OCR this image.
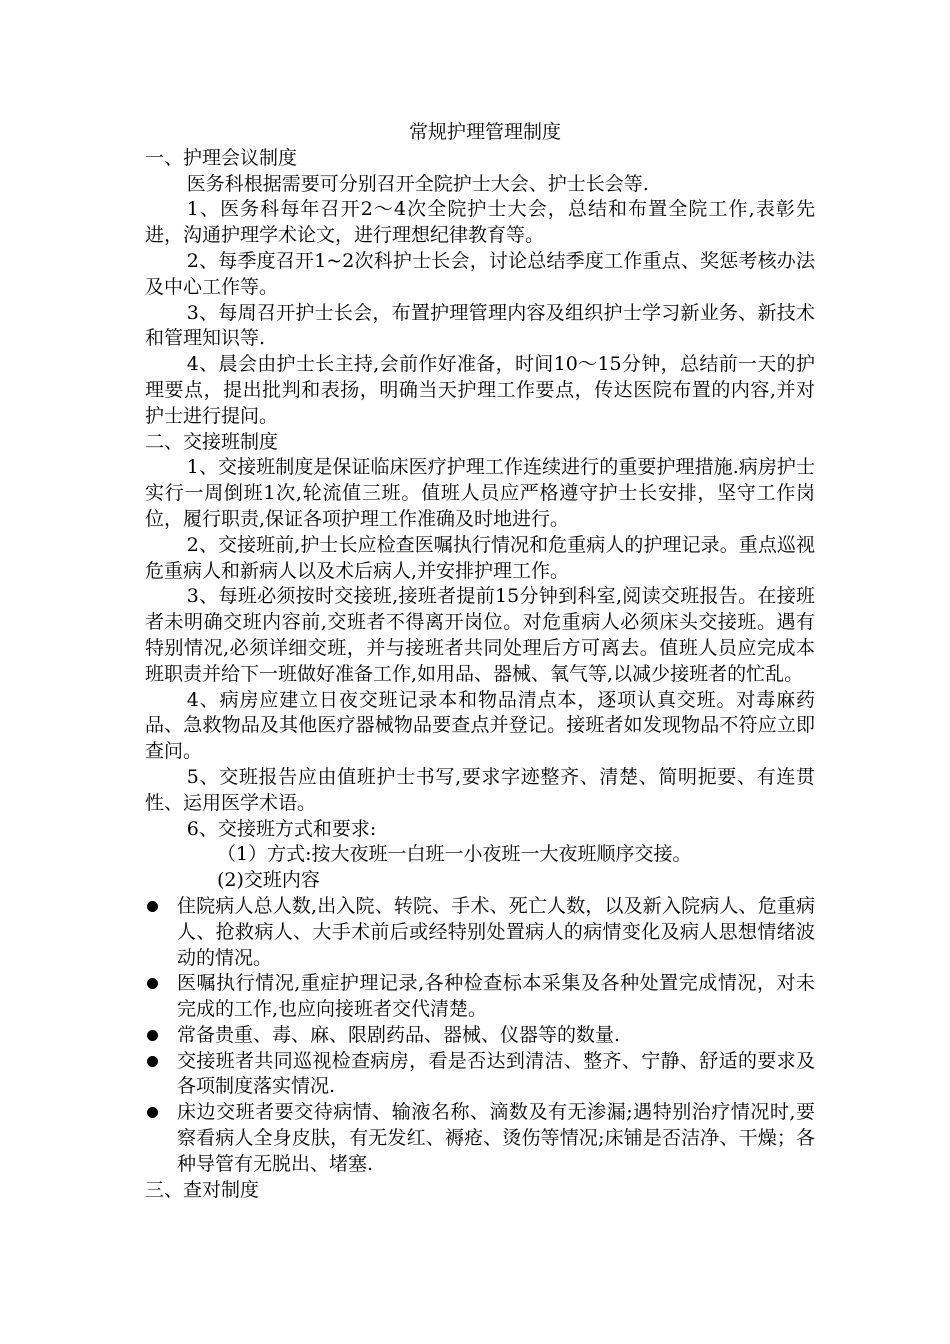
常规护理管理制度
一、护理会议制度

医务科根据需要可分别召开全院护士大会、护士长会等.

1、医务科每年召开2～4次全院护士大会，总结和布置全院工作,表彰先进，沟通护理学术论文，进行理想纪律教育等。

2、每季度召开1~2次科护士长会，讨论总结季度工作重点、奖惩考核办法及中心工作等。

3、每周召开护士长会，布置护理管理内容及组织护士学习新业务、新技术和管理知识等.

4、晨会由护士长主持,会前作好准备，时间10～15分钟，总结前一天的护理要点，提出批判和表扬，明确当天护理工作要点，传达医院布置的内容,并对护士进行提问。

二、交接班制度

1、交接班制度是保证临床医疗护理工作连续进行的重要护理措施.病房护士实行一周倒班1次,轮流值三班。值班人员应严格遵守护士长安排，坚守工作岗位，履行职责,保证各项护理工作准确及时地进行。

2、交接班前,护士长应检查医嘱执行情况和危重病人的护理记录。重点巡视危重病人和新病人以及术后病人,并安排护理工作。

3、每班必须按时交接班,接班者提前15分钟到科室,阅读交班报告。在接班者未明确交班内容前,交班者不得离开岗位。对危重病人必须床头交接班。遇有特别情况,必须详细交班，并与接班者共同处理后方可离去。值班人员应完成本班职责并给下一班做好准备工作,如用品、器械、氧气等,以减少接班者的忙乱。

4、病房应建立日夜交班记录本和物品清点本，逐项认真交班。对毒麻药品、急救物品及其他医疗器械物品要查点并登记。接班者如发现物品不符应立即查问。

5、交班报告应由值班护士书写,要求字迹整齐、清楚、简明扼要、有连贯性、运用医学术语。

6、交接班方式和要求:

（1）方式:按大夜班一白班一小夜班一大夜班顺序交接。

(2)交班内容

住院病人总人数,出入院、转院、手术、死亡人数，以及新入院病人、危重病人、抢救病人、大手术前后或经特别处置病人的病情变化及病人思想情绪波动的情况。
医嘱执行情况,重症护理记录,各种检查标本采集及各种处置完成情况，对未完成的工作,也应向接班者交代清楚。
常备贵重、毒、麻、限剧药品、器械、仪器等的数量.
交接班者共同巡视检查病房，看是否达到清洁、整齐、宁静、舒适的要求及各项制度落实情况.
床边交班者要交待病情、输液名称、滴数及有无渗漏;遇特别治疗情况时,要察看病人全身皮肤，有无发红、褥疮、烫伤等情况;床铺是否洁净、干燥；各种导管有无脱出、堵塞.
三、查对制度
